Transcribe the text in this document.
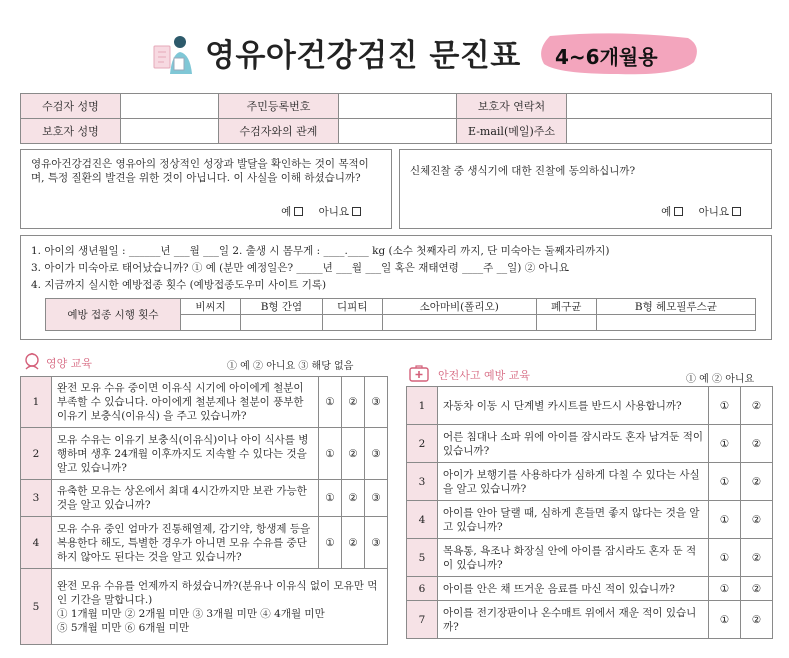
영유아건강검진 문진표 4~6개월용
수검자 성명		주민등록번호		보호자 연락처	
보호자 성명		수검자와의 관계		E-mail(메일)주소	
영유아건강검진은 영유아의 정상적인 성장과 발달을 확인하는 것이 목적이며, 특정 질환의 발견을 위한 것이 아닙니다. 이 사실을 이해 하셨습니까?
예	아니요
신체진찰 중 생식기에 대한 진찰에 동의하십니까?
예	아니요
1. 아이의 생년월일 : ______년 ___월 ___일 2. 출생 시 몸무게 : ____.____ kg (소수 첫째자리 까지, 단 미숙아는 둘째자리까지)
3. 아이가 미숙아로 태어났습니까? ① 예 (분만 예정일은? _____년 ___월 ___일 혹은 재태연령 ____주 __일) ② 아니요
4. 지금까지 실시한 예방접종 횟수 (예방접종도우미 사이트 기록)
예방 접종 시행 횟수	비씨지	B형 간염	디피티	소아마비(폴리오)	폐구균	B형 헤모필루스균

영양 교육	① 예 ② 아니요 ③ 해당 없음
1	완전 모유 수유 중이면 이유식 시기에 아이에게 철분이 부족할 수 있습니다. 아이에게 철분제나 철분이 풍부한 이유기 보충식(이유식) 을 주고 있습니까?	①	②	③
2	모유 수유는 이유기 보충식(이유식)이나 아이 식사를 병행하며 생후 24개월 이후까지도 지속할 수 있다는 것을 알고 있습니까?	①	②	③
3	유축한 모유는 상온에서 최대 4시간까지만 보관 가능한 것을 알고 있습니까?	①	②	③
4	모유 수유 중인 엄마가 진통해열제, 감기약, 항생제 등을 복용한다 해도, 특별한 경우가 아니면 모유 수유를 중단하지 않아도 된다는 것을 알고 있습니까?	①	②	③
5	완전 모유 수유를 언제까지 하셨습니까?(분유나 이유식 없이 모유만 먹인 기간을 말합니다.)
① 1개월 미만 ② 2개월 미만 ③ 3개월 미만 ④ 4개월 미만
⑤ 5개월 미만 ⑥ 6개월 미만			
안전사고 예방 교육	① 예 ② 아니요
1	자동차 이동 시 단계별 카시트를 반드시 사용합니까?	①	②
2	어른 침대나 소파 위에 아이를 잠시라도 혼자 남겨둔 적이 있습니까?	①	②
3	아이가 보행기를 사용하다가 심하게 다칠 수 있다는 사실을 알고 있습니까?	①	②
4	아이를 안아 달랠 때, 심하게 흔들면 좋지 않다는 것을 알고 있습니까?	①	②
5	목욕통, 욕조나 화장실 안에 아이를 잠시라도 혼자 둔 적이 있습니까?	①	②
6	아이를 안은 채 뜨거운 음료를 마신 적이 있습니까?	①	②
7	아이를 전기장판이나 온수매트 위에서 재운 적이 있습니까?	①	②
